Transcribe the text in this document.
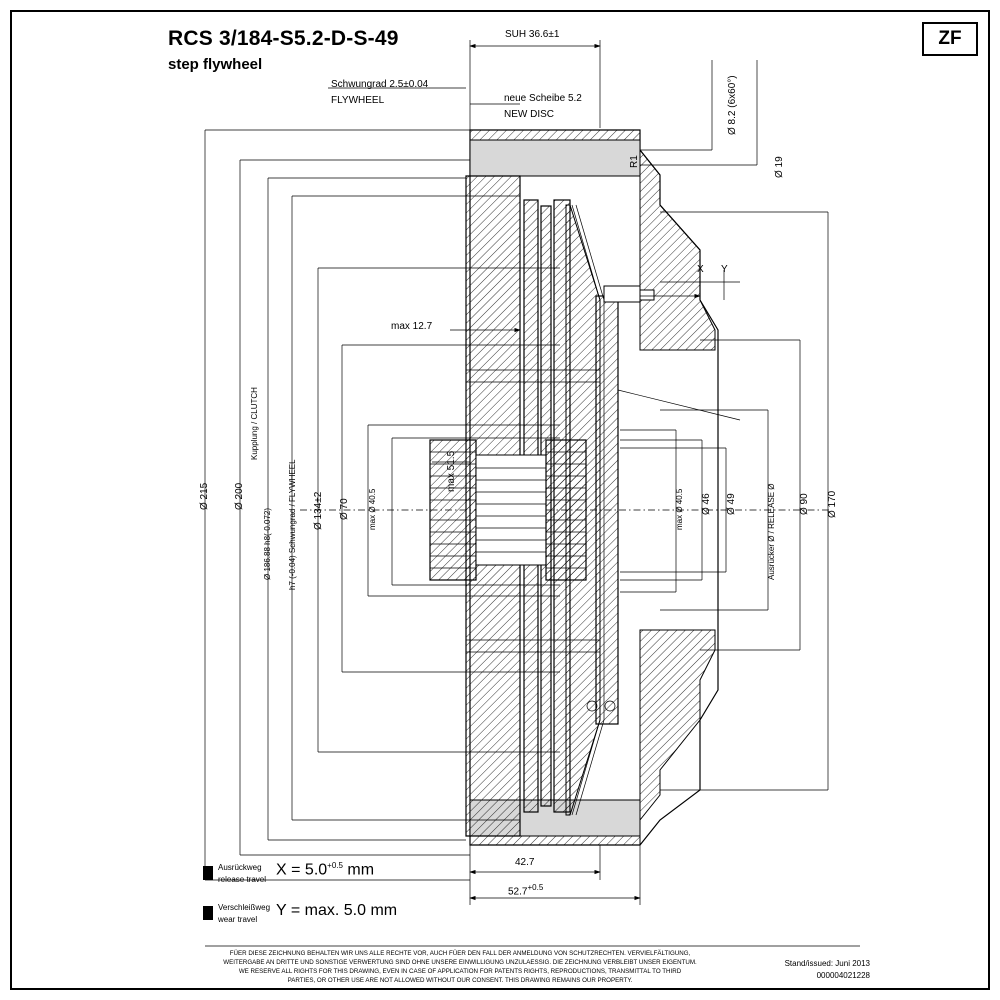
RCS 3/184-S5.2-D-S-49
step flywheel
ZF
Schwungrad 2.5±0.04
FLYWHEEL	neue Scheibe 5.2
NEW DISC
SUH 36.6±1
Ø 8.2 (6x60°)
Ø 19
R1
X Y
max 12.7
max 51.5
Ø 215 Ø 200
Ø 186.88 h8(-0.072) h7 (-0.04) Schwungrad / FLYWHEEL
Kupplung / CLUTCH
Ø 134±2 Ø 70 max Ø 40.5	max Ø 40.5 Ø 46 Ø 49	Ausrücker Ø / RELEASE Ø Ø 90 Ø 170
42.7
$52.7^{+0.5}$
Ausrückweg
release travel
$X = 5.0^{+0.5}$ mm
Verschleißweg
wear travel
Y = max. 5.0 mm
FÜER DIESE ZEICHNUNG BEHALTEN WIR UNS ALLE RECHTE VOR, AUCH FÜER DEN FALL DER ANMELDUNG VON SCHUTZRECHTEN. VERVIELFÄLTIGUNG,
WEITERGABE AN DRITTE UND SONSTIGE VERWERTUNG SIND OHNE UNSERE EINWILLIGUNG UNZULAESSIG. DIE ZEICHNUNG VERBLEIBT UNSER EIGENTUM.
WE RESERVE ALL RIGHTS FOR THIS DRAWING, EVEN IN CASE OF APPLICATION FOR PATENTS RIGHTS, REPRODUCTIONS, TRANSMITTAL TO THIRD
PARTIES, OR OTHER USE ARE NOT ALLOWED WITHOUT OUR CONSENT. THIS DRAWING REMAINS OUR PROPERTY.
Stand/issued: Juni 2013
000004021228
